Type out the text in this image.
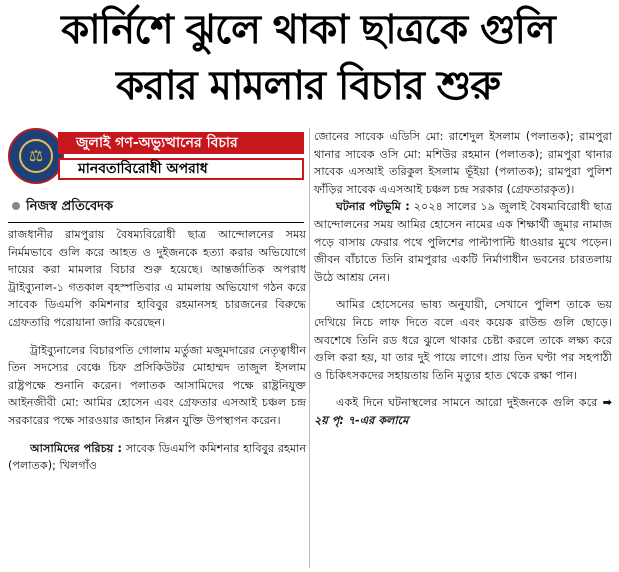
কার্নিশে ঝুলে থাকা ছাত্রকে গুলি
করার মামলার বিচার শুরু
⚖
জুলাই গণ-অভ্যুত্থানের বিচার
মানবতাবিরোধী অপরাধ
নিজস্ব প্রতিবেদক

রাজধানীর রামপুরায় বৈষম্যবিরোধী ছাত্র আন্দোলনের সময় নির্মমভাবে গুলি করে আহত ও দুইজনকে হত্যা করার অভিযোগে দায়ের করা মামলার বিচার শুরু হয়েছে। আন্তর্জাতিক অপরাধ ট্রাইব্যুনাল-১ গতকাল বৃহস্পতিবার এ মামলায় অভিযোগ গঠন করে সাবেক ডিএমপি কমিশনার হাবিবুর রহমানসহ চারজনের বিরুদ্ধে গ্রেফতারি পরোয়ানা জারি করেছেন।

ট্রাইব্যুনালের বিচারপতি গোলাম মর্তুজা মজুমদারের নেতৃত্বাধীন তিন সদস্যের বেঞ্চে চিফ প্রসিকিউটর মোহাম্মদ তাজুল ইসলাম রাষ্ট্রপক্ষে শুনানি করেন। পলাতক আসামিদের পক্ষে রাষ্ট্রনিযুক্ত আইনজীবী মো: আমির হোসেন এবং গ্রেফতার এসআই চঞ্চল চন্দ্র সরকারের পক্ষে সারওয়ার জাহান নিপ্পন যুক্তি উপস্থাপন করেন।

আসামিদের পরিচয় : সাবেক ডিএমপি কমিশনার হাবিবুর রহমান (পলাতক); খিলগাঁও

জোনের সাবেক এডিসি মো: রাশেদুল ইসলাম (পলাতক); রামপুরা থানার সাবেক ওসি মো: মশিউর রহমান (পলাতক); রামপুরা থানার সাবেক এসআই তরিকুল ইসলাম ভূঁইয়া (পলাতক); রামপুরা পুলিশ ফাঁড়ির সাবেক এএসআই চঞ্চল চন্দ্র সরকার (গ্রেফতারকৃত)।

ঘটনার পটভূমি : ২০২৪ সালের ১৯ জুলাই বৈষম্যবিরোধী ছাত্র আন্দোলনের সময় আমির হোসেন নামের এক শিক্ষার্থী জুমার নামাজ পড়ে বাসায় ফেরার পথে পুলিশের পাল্টাপাল্টি ধাওয়ার মুখে পড়েন। জীবন বাঁচাতে তিনি রামপুরার একটি নির্মাণাধীন ভবনের চারতলায় উঠে আশ্রয় নেন।

আমির হোসেনের ভাষ্য অনুযায়ী, সেখানে পুলিশ তাকে ভয় দেখিয়ে নিচে লাফ দিতে বলে এবং কয়েক রাউন্ড গুলি ছোড়ে। অবশেষে তিনি রড ধরে ঝুলে থাকার চেষ্টা করলে তাকে লক্ষ্য করে গুলি করা হয়, যা তার দুই পায়ে লাগে। প্রায় তিন ঘণ্টা পর সহপাঠী ও চিকিৎসকদের সহায়তায় তিনি মৃত্যুর হাত থেকে রক্ষা পান।

একই দিনে ঘটনাস্থলের সামনে আরো দুইজনকে গুলি করে ➡ ২য় পৃ: ৭-এর কলামে
